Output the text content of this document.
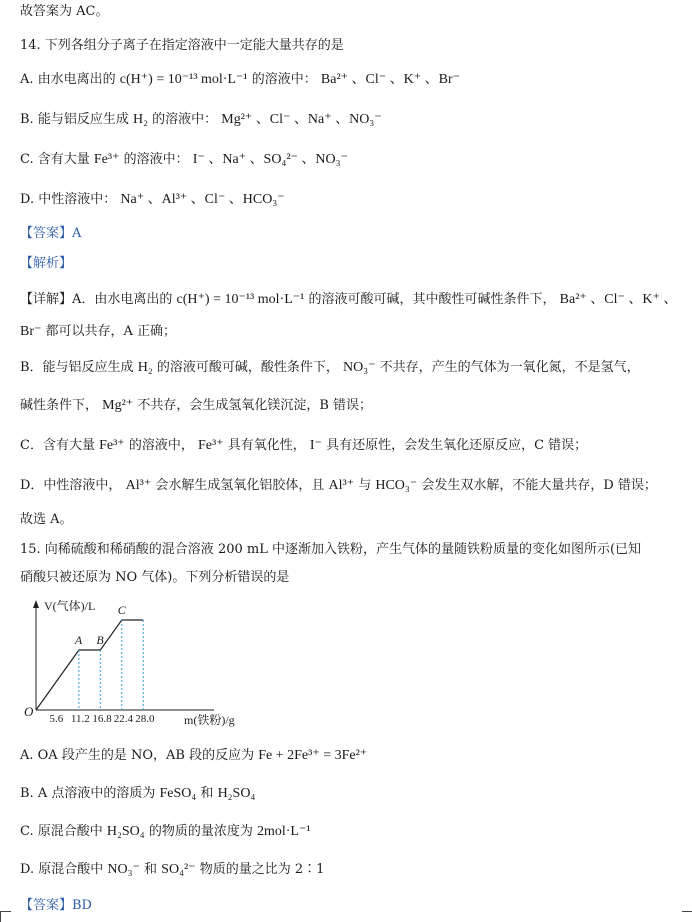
故答案为 AC。
14. 下列各组分子离子在指定溶液中一定能大量共存的是
A. 由水电离出的 c(H⁺) = 10⁻¹³ mol·L⁻¹ 的溶液中： Ba²⁺ 、Cl⁻ 、K⁺ 、Br⁻
B. 能与铝反应生成 H₂ 的溶液中： Mg²⁺ 、Cl⁻ 、Na⁺ 、NO₃⁻
C. 含有大量 Fe³⁺ 的溶液中： I⁻ 、Na⁺ 、SO₄²⁻ 、NO₃⁻
D. 中性溶液中： Na⁺ 、Al³⁺ 、Cl⁻ 、HCO₃⁻
【答案】A
【解析】
【详解】A．由水电离出的 c(H⁺) = 10⁻¹³ mol·L⁻¹ 的溶液可酸可碱，其中酸性可碱性条件下， Ba²⁺ 、Cl⁻ 、K⁺ 、
Br⁻ 都可以共存，A 正确；
B．能与铝反应生成 H₂ 的溶液可酸可碱，酸性条件下， NO₃⁻ 不共存，产生的气体为一氧化氮，不是氢气，
碱性条件下， Mg²⁺ 不共存，会生成氢氧化镁沉淀，B 错误；
C．含有大量 Fe³⁺ 的溶液中， Fe³⁺ 具有氧化性， I⁻ 具有还原性，会发生氧化还原反应，C 错误；
D．中性溶液中， Al³⁺ 会水解生成氢氧化铝胶体，且 Al³⁺ 与 HCO₃⁻ 会发生双水解，不能大量共存，D 错误；
故选 A。
15. 向稀硫酸和稀硝酸的混合溶液 200 mL 中逐渐加入铁粉，产生气体的量随铁粉质量的变化如图所示(已知
硝酸只被还原为 NO 气体)。下列分析错误的是
V(气体)/L
O
m(铁粉)/g
5.6 11.2 16.8 22.4 28.0
A B
C
A. OA 段产生的是 NO，AB 段的反应为 Fe + 2Fe³⁺ = 3Fe²⁺
B. A 点溶液中的溶质为 FeSO₄ 和 H₂SO₄
C. 原混合酸中 H₂SO₄ 的物质的量浓度为 2mol·L⁻¹
D. 原混合酸中 NO₃⁻ 和 SO₄²⁻ 物质的量之比为 2∶1
【答案】BD
